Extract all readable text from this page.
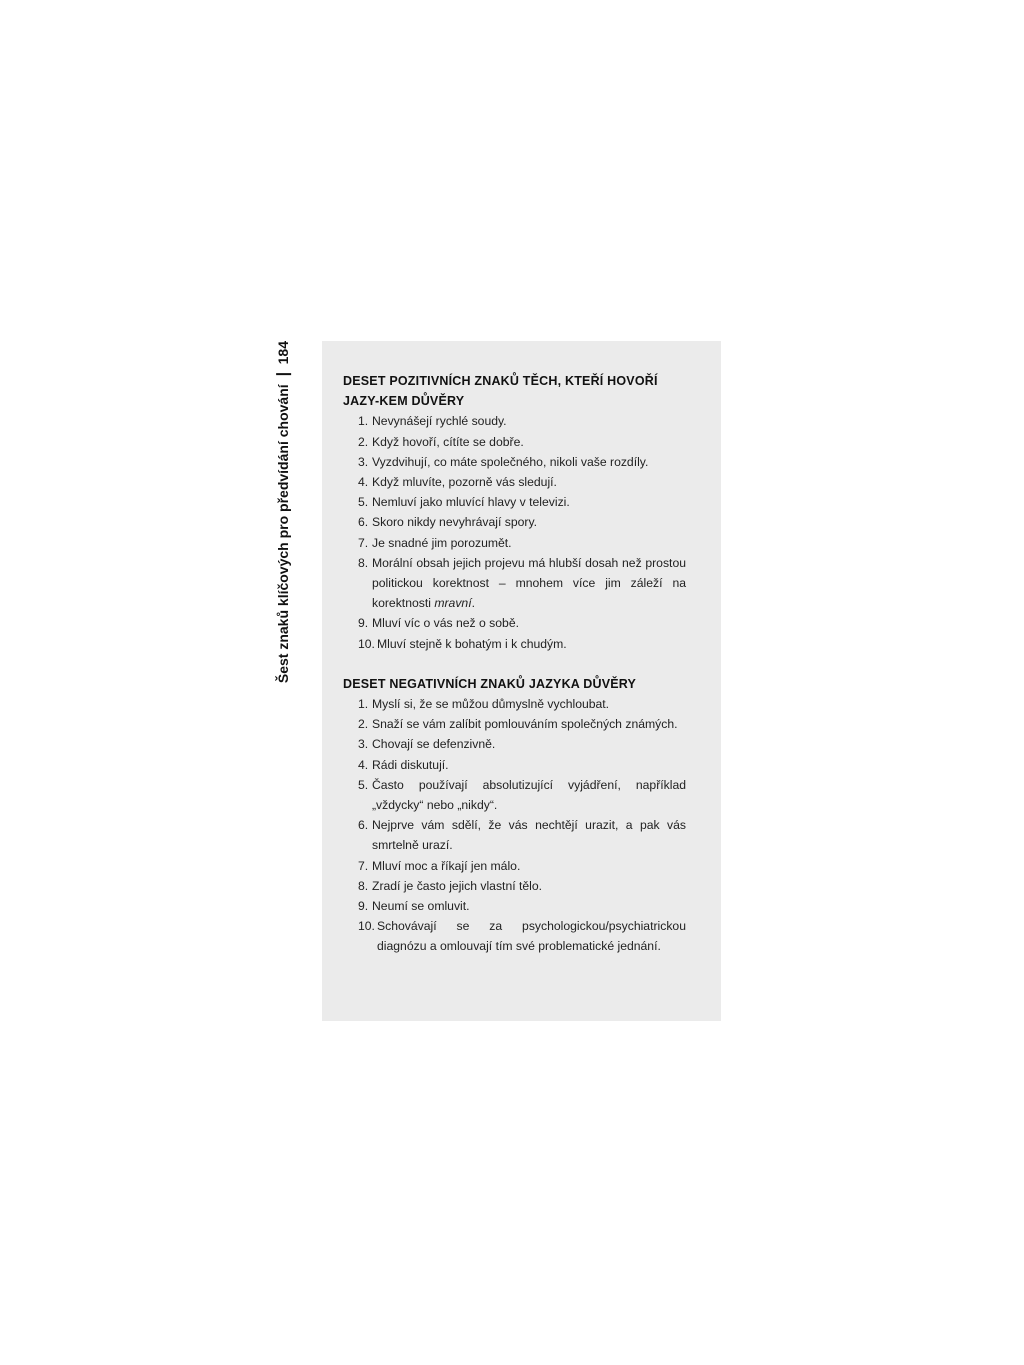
Šest znaků klíčových pro předvídání chování
184
DESET POZITIVNÍCH ZNAKŮ TĚCH, KTEŘÍ HOVOŘÍ JAZY-KEM DŮVĚRY
1. Nevynášejí rychlé soudy.
2. Když hovoří, cítíte se dobře.
3. Vyzdvihují, co máte společného, nikoli vaše rozdíly.
4. Když mluvíte, pozorně vás sledují.
5. Nemluví jako mluvící hlavy v televizi.
6. Skoro nikdy nevyhrávají spory.
7. Je snadné jim porozumět.
8. Morální obsah jejich projevu má hlubší dosah než prostou politickou korektnost – mnohem více jim záleží na korektnosti mravní.
9. Mluví víc o vás než o sobě.
10. Mluví stejně k bohatým i k chudým.
DESET NEGATIVNÍCH ZNAKŮ JAZYKA DŮVĚRY
1. Myslí si, že se můžou důmyslně vychloubat.
2. Snaží se vám zalíbit pomlouváním společných známých.
3. Chovají se defenzivně.
4. Rádi diskutují.
5. Často používají absolutizující vyjádření, například „vždycky“ nebo „nikdy“.
6. Nejprve vám sdělí, že vás nechtějí urazit, a pak vás smrtelně urazí.
7. Mluví moc a říkají jen málo.
8. Zradí je často jejich vlastní tělo.
9. Neumí se omluvit.
10. Schovávají se za psychologickou/psychiatrickou diagnózu a omlouvají tím své problematické jednání.
